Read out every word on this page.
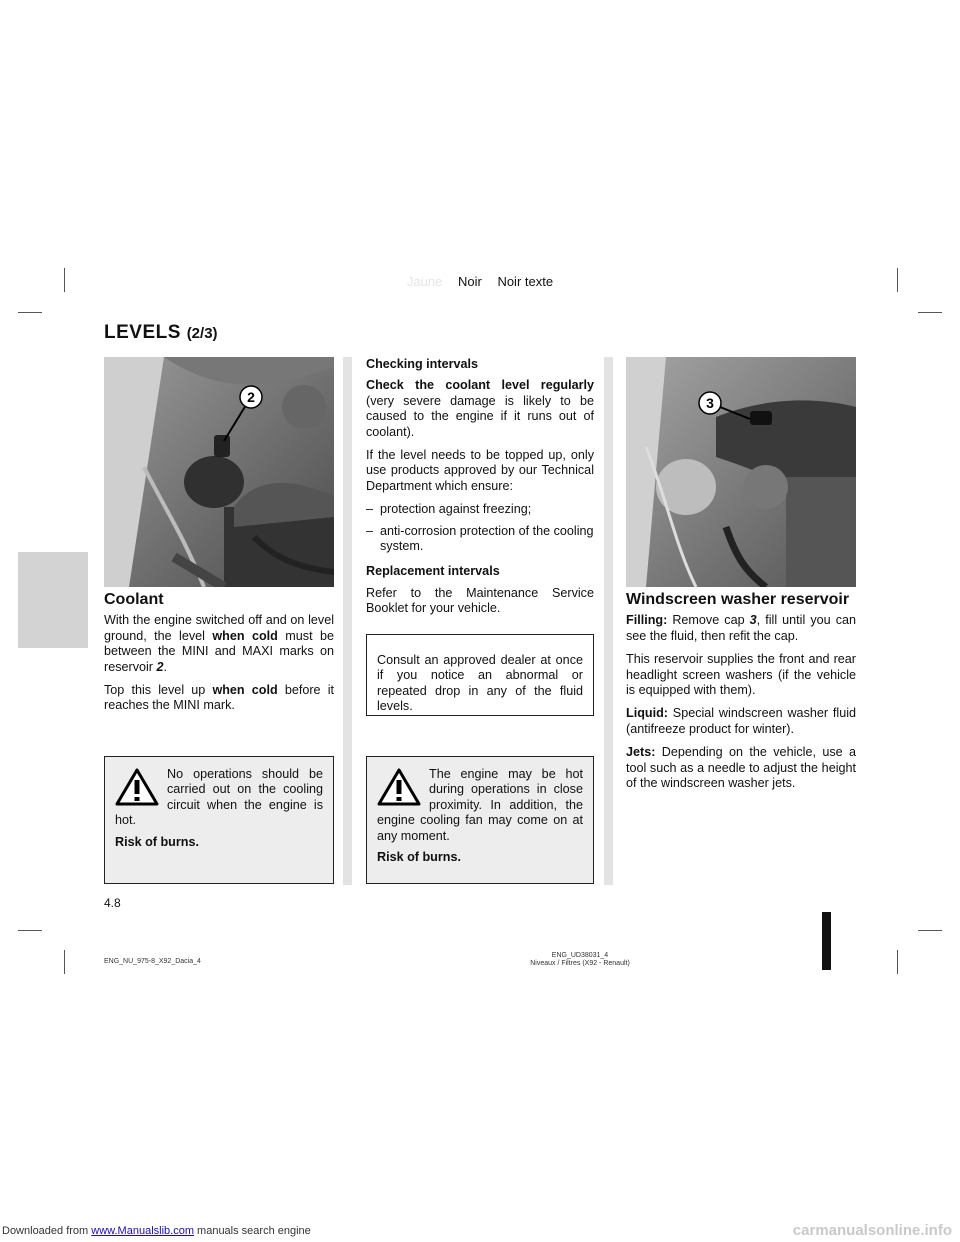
Jaune Noir Noir texte
LEVELS (2/3)
2	3
Coolant

With the engine switched off and on level ground, the level when cold must be between the MINI and MAXI marks on reservoir 2.

Top this level up when cold before it reaches the MINI mark.

No operations should be carried out on the cooling circuit when the engine is hot.
Risk of burns.
Checking intervals

Check the coolant level regularly (very severe damage is likely to be caused to the engine if it runs out of coolant).

If the level needs to be topped up, only use products approved by our Technical Department which ensure:

– protection against freezing;
– anti-corrosion protection of the cooling system.
Replacement intervals

Refer to the Maintenance Service Booklet for your vehicle.

Consult an approved dealer at once if you notice an abnormal or repeated drop in any of the fluid levels.
The engine may be hot during operations in close proximity. In addition, the engine cooling fan may come on at any moment.
Risk of burns.
Windscreen washer reservoir

Filling: Remove cap 3, fill until you can see the fluid, then refit the cap.

This reservoir supplies the front and rear headlight screen washers (if the vehicle is equipped with them).

Liquid: Special windscreen washer fluid (antifreeze product for winter).

Jets: Depending on the vehicle, use a tool such as a needle to adjust the height of the windscreen washer jets.

4.8
ENG_NU_975-8_X92_Dacia_4
ENG_UD38031_4
Niveaux / Filtres (X92 - Renault)
Downloaded from www.Manualslib.com manuals search engine	carmanualsonline.info
